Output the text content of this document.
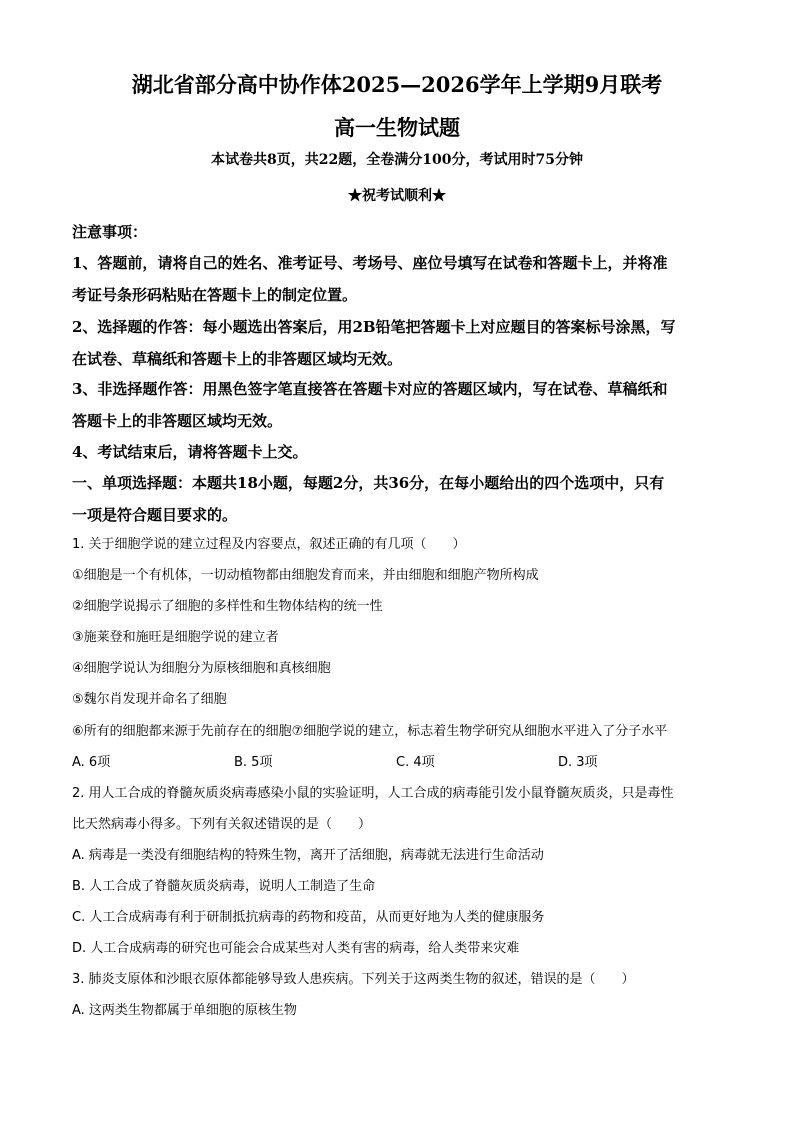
湖北省部分高中协作体2025—2026学年上学期9月联考
高一生物试题
本试卷共8页，共22题，全卷满分100分，考试用时75分钟
★祝考试顺利★
注意事项：
1、答题前，请将自己的姓名、准考证号、考场号、座位号填写在试卷和答题卡上，并将准
考证号条形码粘贴在答题卡上的制定位置。
2、选择题的作答：每小题选出答案后，用2B铅笔把答题卡上对应题目的答案标号涂黑，写
在试卷、草稿纸和答题卡上的非答题区域均无效。
3、非选择题作答：用黑色签字笔直接答在答题卡对应的答题区域内，写在试卷、草稿纸和
答题卡上的非答题区域均无效。
4、考试结束后，请将答题卡上交。
一、单项选择题：本题共18小题，每题2分，共36分，在每小题给出的四个选项中，只有
一项是符合题目要求的。
1. 关于细胞学说的建立过程及内容要点，叙述正确的有几项（　　）
①细胞是一个有机体，一切动植物都由细胞发育而来，并由细胞和细胞产物所构成
②细胞学说揭示了细胞的多样性和生物体结构的统一性
③施莱登和施旺是细胞学说的建立者
④细胞学说认为细胞分为原核细胞和真核细胞
⑤魏尔肖发现并命名了细胞
⑥所有的细胞都来源于先前存在的细胞⑦细胞学说的建立，标志着生物学研究从细胞水平进入了分子水平
A. 6项	B. 5项	C. 4项	D. 3项
2. 用人工合成的脊髓灰质炎病毒感染小鼠的实验证明，人工合成的病毒能引发小鼠脊髓灰质炎，只是毒性
比天然病毒小得多。下列有关叙述错误的是（　　）
A. 病毒是一类没有细胞结构的特殊生物，离开了活细胞，病毒就无法进行生命活动
B. 人工合成了脊髓灰质炎病毒，说明人工制造了生命
C. 人工合成病毒有利于研制抵抗病毒的药物和疫苗，从而更好地为人类的健康服务
D. 人工合成病毒的研究也可能会合成某些对人类有害的病毒，给人类带来灾难
3. 肺炎支原体和沙眼衣原体都能够导致人患疾病。下列关于这两类生物的叙述，错误的是（　　）
A. 这两类生物都属于单细胞的原核生物
